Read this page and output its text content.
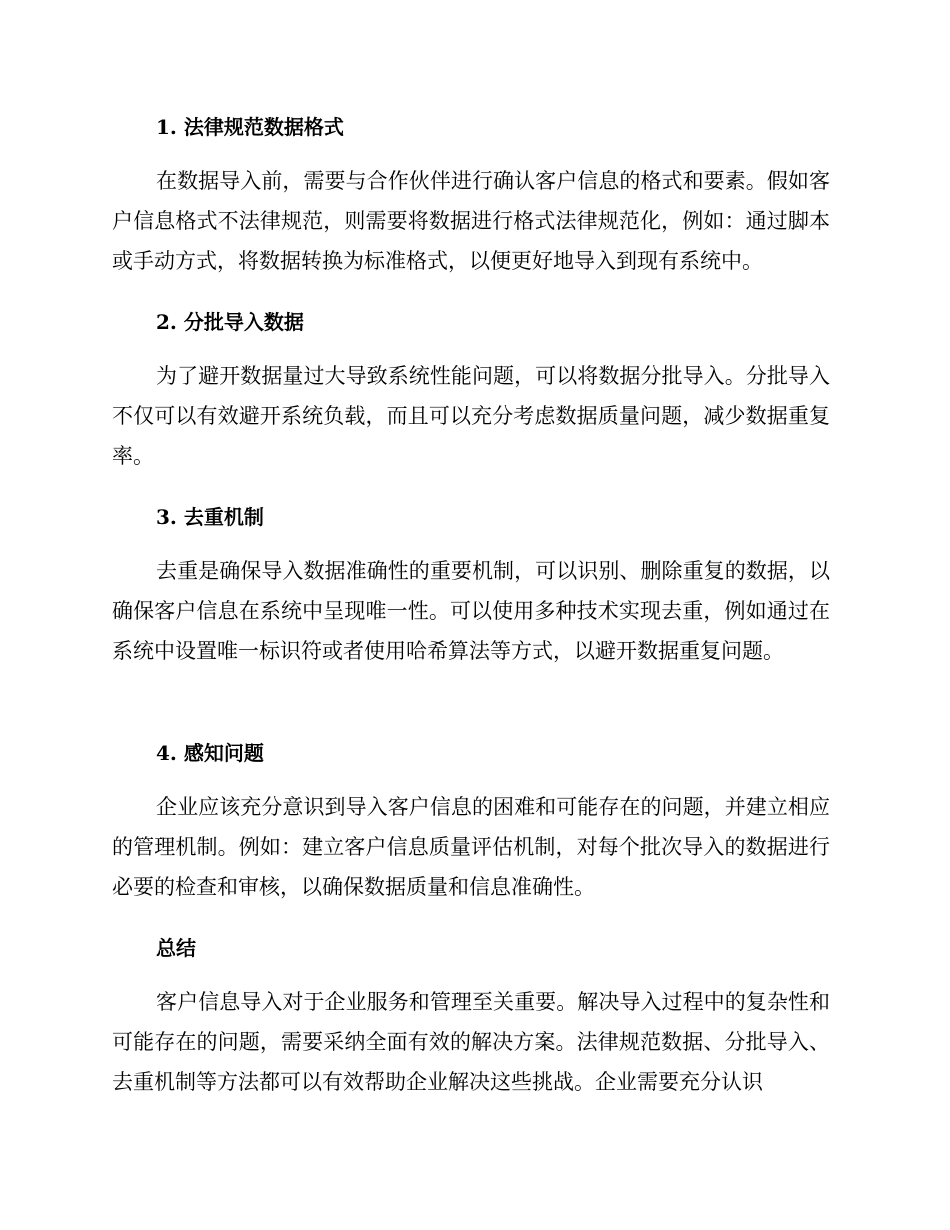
1. 法律规范数据格式

在数据导入前，需要与合作伙伴进行确认客户信息的格式和要素。假如客户信息格式不法律规范，则需要将数据进行格式法律规范化，例如：通过脚本或手动方式，将数据转换为标准格式，以便更好地导入到现有系统中。

2. 分批导入数据

为了避开数据量过大导致系统性能问题，可以将数据分批导入。分批导入不仅可以有效避开系统负载，而且可以充分考虑数据质量问题，减少数据重复率。

3. 去重机制

去重是确保导入数据准确性的重要机制，可以识别、删除重复的数据，以确保客户信息在系统中呈现唯一性。可以使用多种技术实现去重，例如通过在系统中设置唯一标识符或者使用哈希算法等方式，以避开数据重复问题。

4. 感知问题

企业应该充分意识到导入客户信息的困难和可能存在的问题，并建立相应的管理机制。例如：建立客户信息质量评估机制，对每个批次导入的数据进行必要的检查和审核，以确保数据质量和信息准确性。

总结

客户信息导入对于企业服务和管理至关重要。解决导入过程中的复杂性和可能存在的问题，需要采纳全面有效的解决方案。法律规范数据、分批导入、去重机制等方法都可以有效帮助企业解决这些挑战。企业需要充分认识
